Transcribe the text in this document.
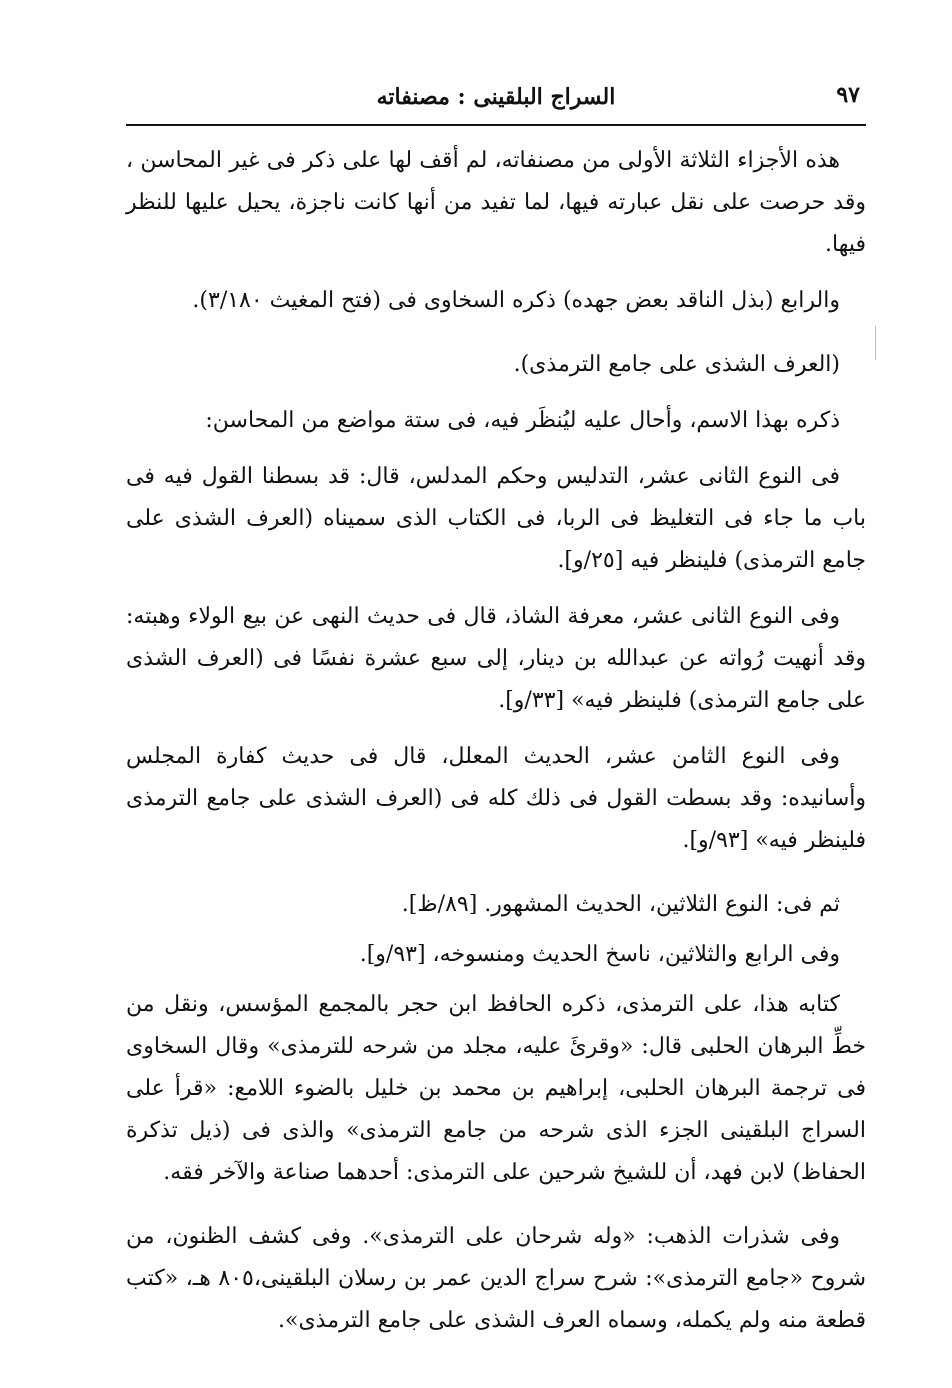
٩٧
السراج البلقينى : مصنفاته

هذه الأجزاء الثلاثة الأولى من مصنفاته، لم أقف لها على ذكر فى غير المحاسن ، وقد حرصت على نقل عبارته فيها، لما تفيد من أنها كانت ناجزة، يحيل عليها للنظر فيها.

والرابع (بذل الناقد بعض جهده) ذكره السخاوى فى (فتح المغيث ٣/١٨٠).

(العرف الشذى على جامع الترمذى).

ذكره بهذا الاسم، وأحال عليه ليُنظَر فيه، فى ستة مواضع من المحاسن:

فى النوع الثانى عشر، التدليس وحكم المدلس، قال: قد بسطنا القول فيه فى باب ما جاء فى التغليظ فى الربا، فى الكتاب الذى سميناه (العرف الشذى على جامع الترمذى) فلينظر فيه [٢٥/و].

وفى النوع الثانى عشر، معرفة الشاذ، قال فى حديث النهى عن بيع الولاء وهبته: وقد أنهيت رُواته عن عبدالله بن دينار، إلى سبع عشرة نفسًا فى (العرف الشذى على جامع الترمذى) فلينظر فيه» [٣٣/و].

وفى النوع الثامن عشر، الحديث المعلل، قال فى حديث كفارة المجلس وأسانيده: وقد بسطت القول فى ذلك كله فى (العرف الشذى على جامع الترمذى فلينظر فيه» [٩٣/و].

ثم فى: النوع الثلاثين، الحديث المشهور. [٨٩/ظ].

وفى الرابع والثلاثين، ناسخ الحديث ومنسوخه، [٩٣/و].

كتابه هذا، على الترمذى، ذكره الحافظ ابن حجر بالمجمع المؤسس، ونقل من خطِّ البرهان الحلبى قال: «وقرئَ عليه، مجلد من شرحه للترمذى» وقال السخاوى فى ترجمة البرهان الحلبى، إبراهيم بن محمد بن خليل بالضوء اللامع: «قرأ على السراج البلقينى الجزء الذى شرحه من جامع الترمذى» والذى فى (ذيل تذكرة الحفاظ) لابن فهد، أن للشيخ شرحين على الترمذى: أحدهما صناعة والآخر فقه.

وفى شذرات الذهب: «وله شرحان على الترمذى». وفى كشف الظنون، من شروح «جامع الترمذى»: شرح سراج الدين عمر بن رسلان البلقينى،٨٠٥ هـ، «كتب قطعة منه ولم يكمله، وسماه العرف الشذى على جامع الترمذى».
